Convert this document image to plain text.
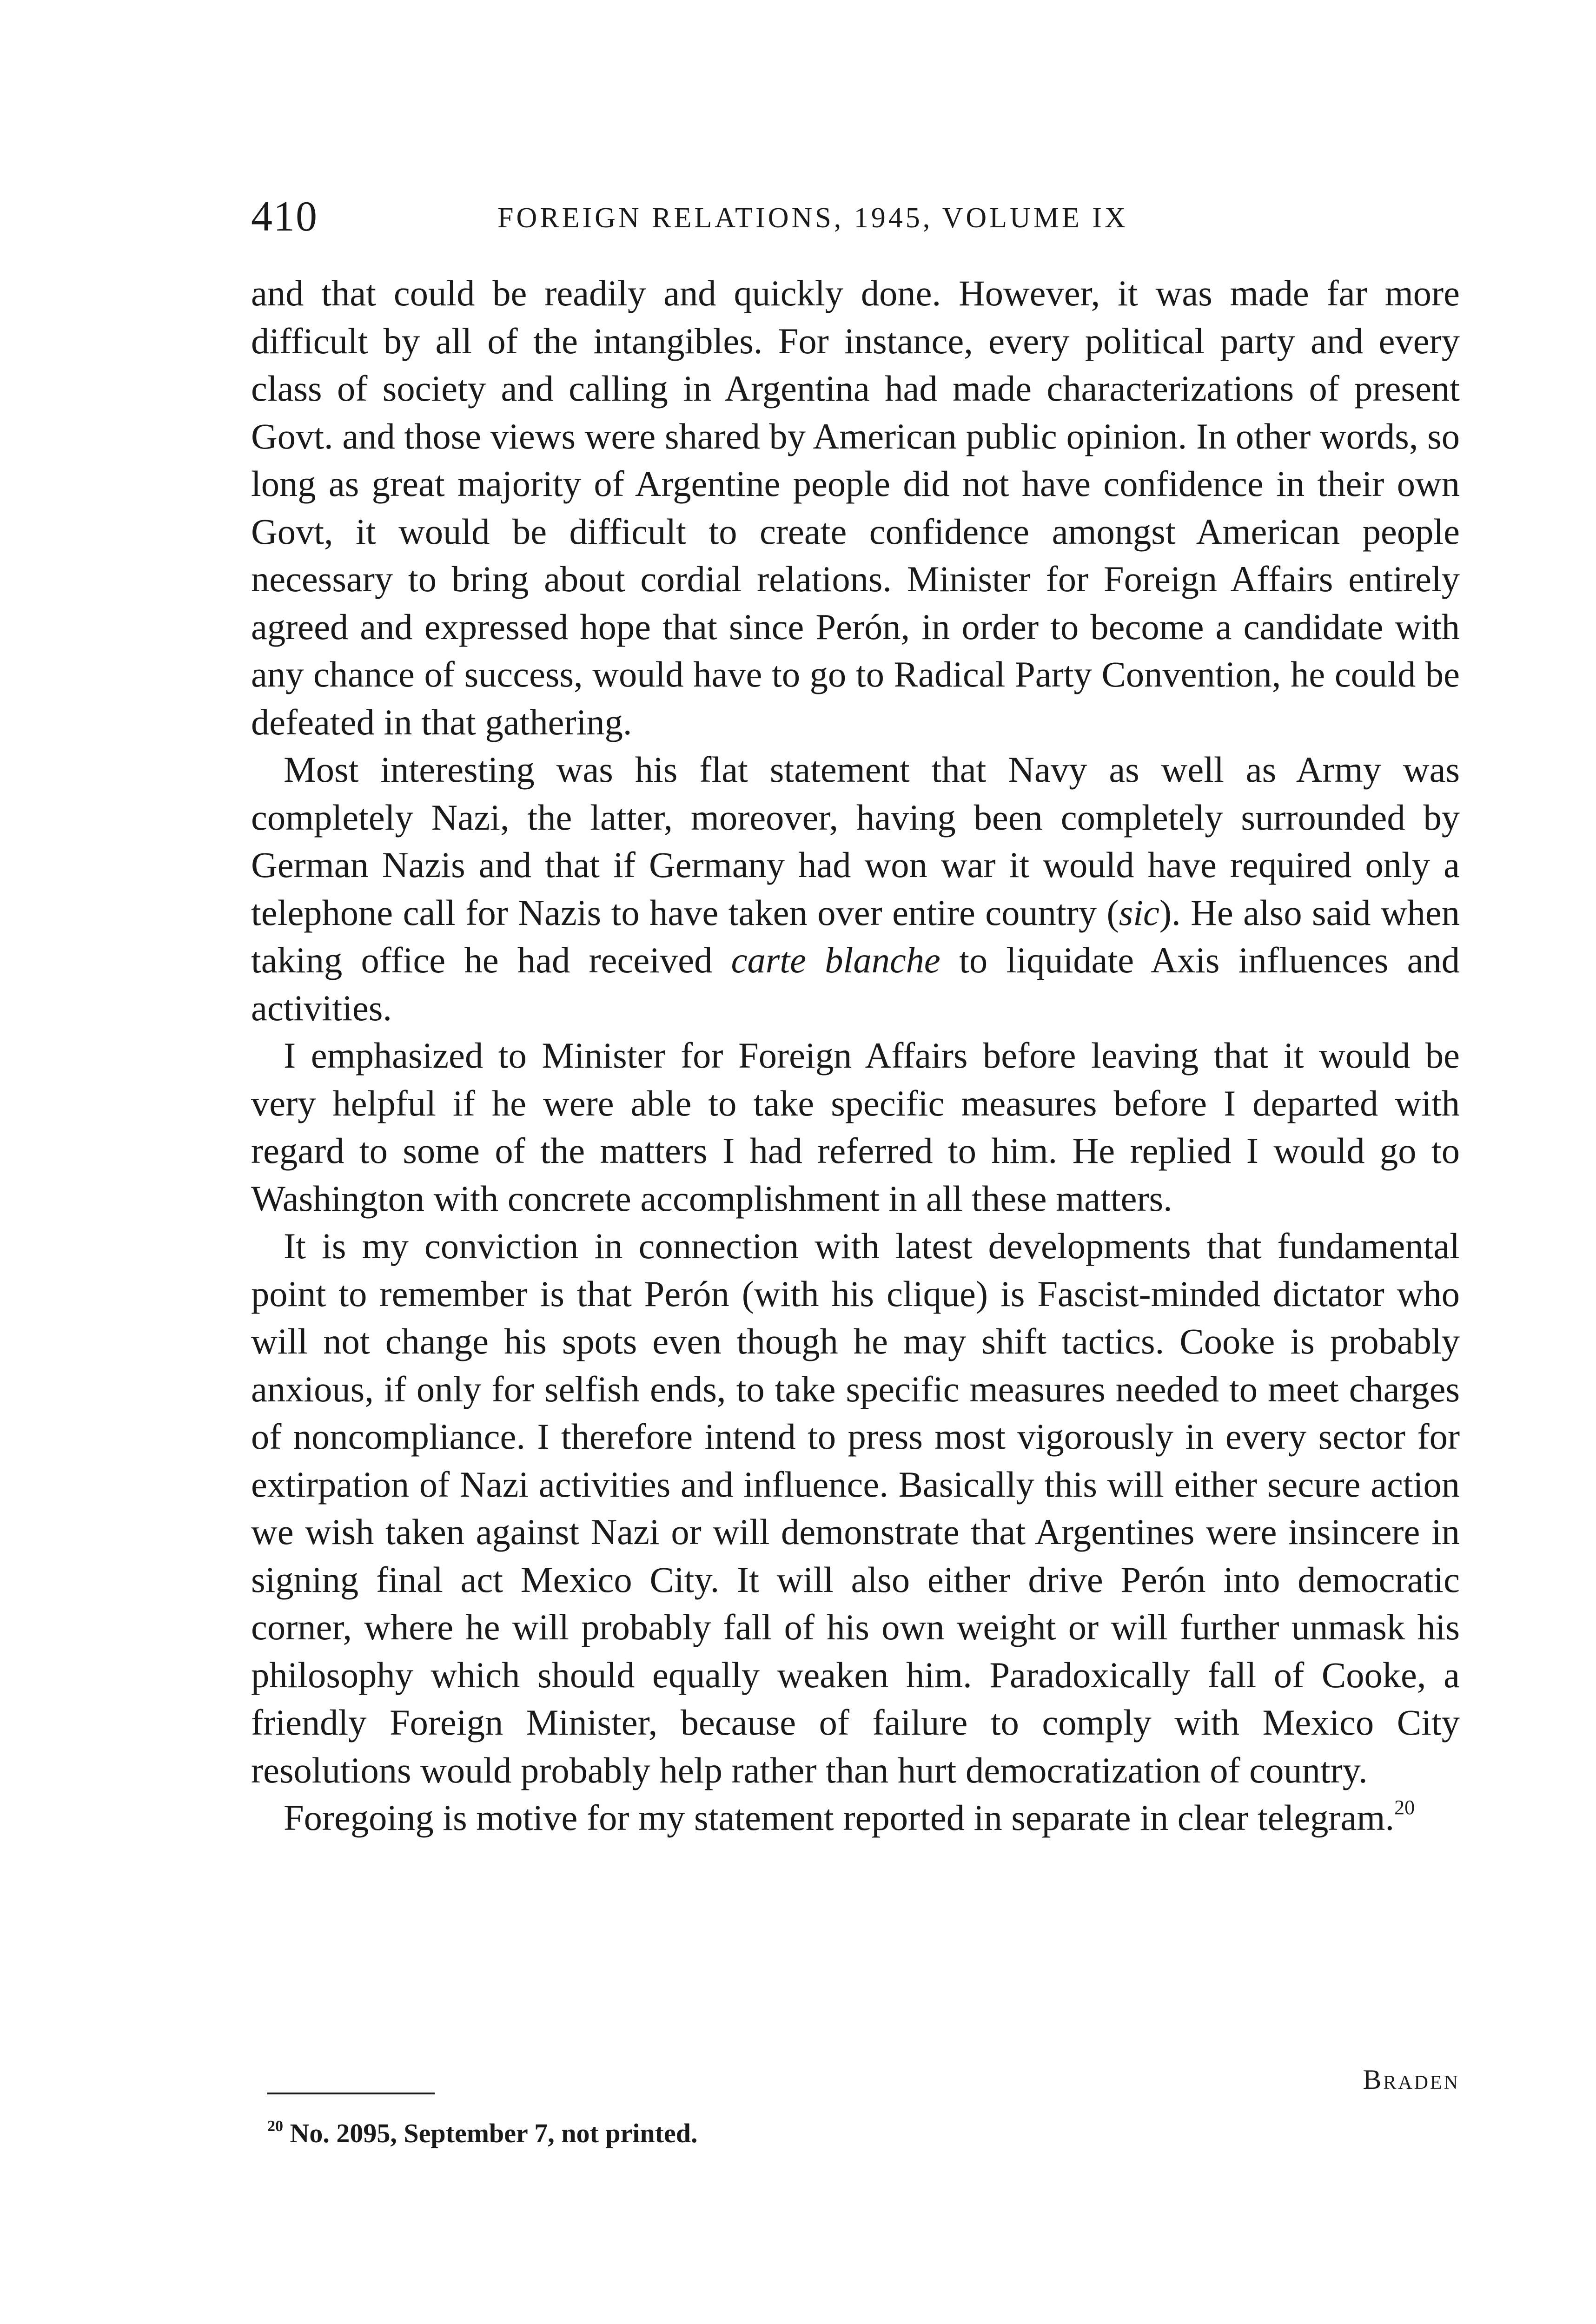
410	FOREIGN RELATIONS, 1945, VOLUME IX

and that could be readily and quickly done. However, it was made far more difficult by all of the intangibles. For instance, every political party and every class of society and calling in Argentina had made characterizations of present Govt. and those views were shared by American public opinion. In other words, so long as great majority of Argentine people did not have confidence in their own Govt, it would be difficult to create confidence amongst American people necessary to bring about cordial relations. Minister for Foreign Affairs entirely agreed and expressed hope that since Perón, in order to become a candidate with any chance of success, would have to go to Radical Party Convention, he could be defeated in that gathering.

Most interesting was his flat statement that Navy as well as Army was completely Nazi, the latter, moreover, having been completely surrounded by German Nazis and that if Germany had won war it would have required only a telephone call for Nazis to have taken over entire country (sic). He also said when taking office he had received carte blanche to liquidate Axis influences and activities.

I emphasized to Minister for Foreign Affairs before leaving that it would be very helpful if he were able to take specific measures before I departed with regard to some of the matters I had referred to him. He replied I would go to Washington with concrete accomplishment in all these matters.

It is my conviction in connection with latest developments that fundamental point to remember is that Perón (with his clique) is Fascist-minded dictator who will not change his spots even though he may shift tactics. Cooke is probably anxious, if only for selfish ends, to take specific measures needed to meet charges of noncompliance. I therefore intend to press most vigorously in every sector for extirpation of Nazi activities and influence. Basically this will either secure action we wish taken against Nazi or will demonstrate that Argentines were insincere in signing final act Mexico City. It will also either drive Perón into democratic corner, where he will probably fall of his own weight or will further unmask his philosophy which should equally weaken him. Paradoxically fall of Cooke, a friendly Foreign Minister, because of failure to comply with Mexico City resolutions would probably help rather than hurt democratization of country.

Foregoing is motive for my statement reported in separate in clear telegram.$^{20}$

Braden
$^{20}$ No. 2095, September 7, not printed.
